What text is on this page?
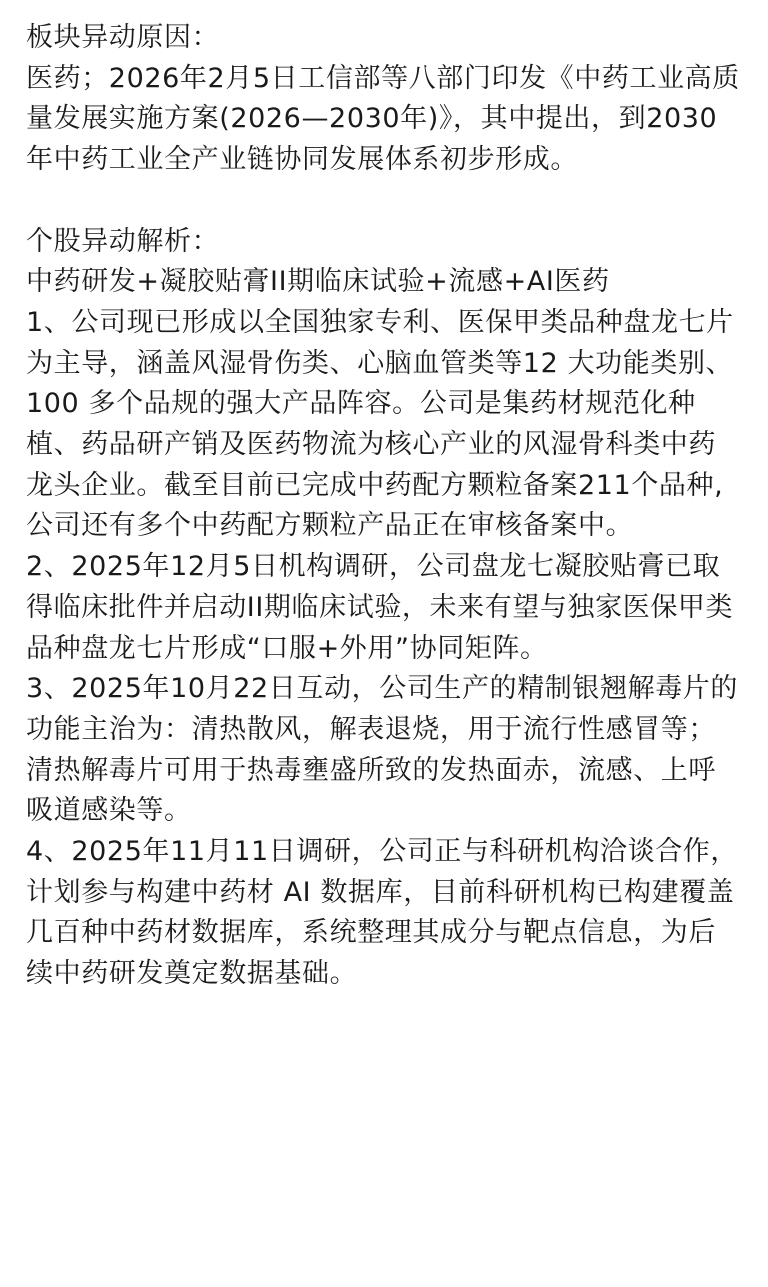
板块异动原因：
医药；2026年2月5日工信部等八部门印发《中药工业高质量发展实施方案(2026—2030年)》，其中提出，到2030年中药工业全产业链协同发展体系初步形成。
个股异动解析：
中药研发+凝胶贴膏II期临床试验+流感+AI医药
1、公司现已形成以全国独家专利、医保甲类品种盘龙七片为主导，涵盖风湿骨伤类、心脑血管类等12 大功能类别、100 多个品规的强大产品阵容。公司是集药材规范化种植、药品研产销及医药物流为核心产业的风湿骨科类中药龙头企业。截至目前已完成中药配方颗粒备案211个品种,公司还有多个中药配方颗粒产品正在审核备案中。
2、2025年12月5日机构调研，公司盘龙七凝胶贴膏已取得临床批件并启动II期临床试验，未来有望与独家医保甲类品种盘龙七片形成“口服+外用”协同矩阵。
3、2025年10月22日互动，公司生产的精制银翘解毒片的功能主治为：清热散风，解表退烧，用于流行性感冒等；清热解毒片可用于热毒壅盛所致的发热面赤，流感、上呼吸道感染等。
4、2025年11月11日调研，公司正与科研机构洽谈合作，计划参与构建中药材 AI 数据库，目前科研机构已构建覆盖几百种中药材数据库，系统整理其成分与靶点信息，为后续中药研发奠定数据基础。
